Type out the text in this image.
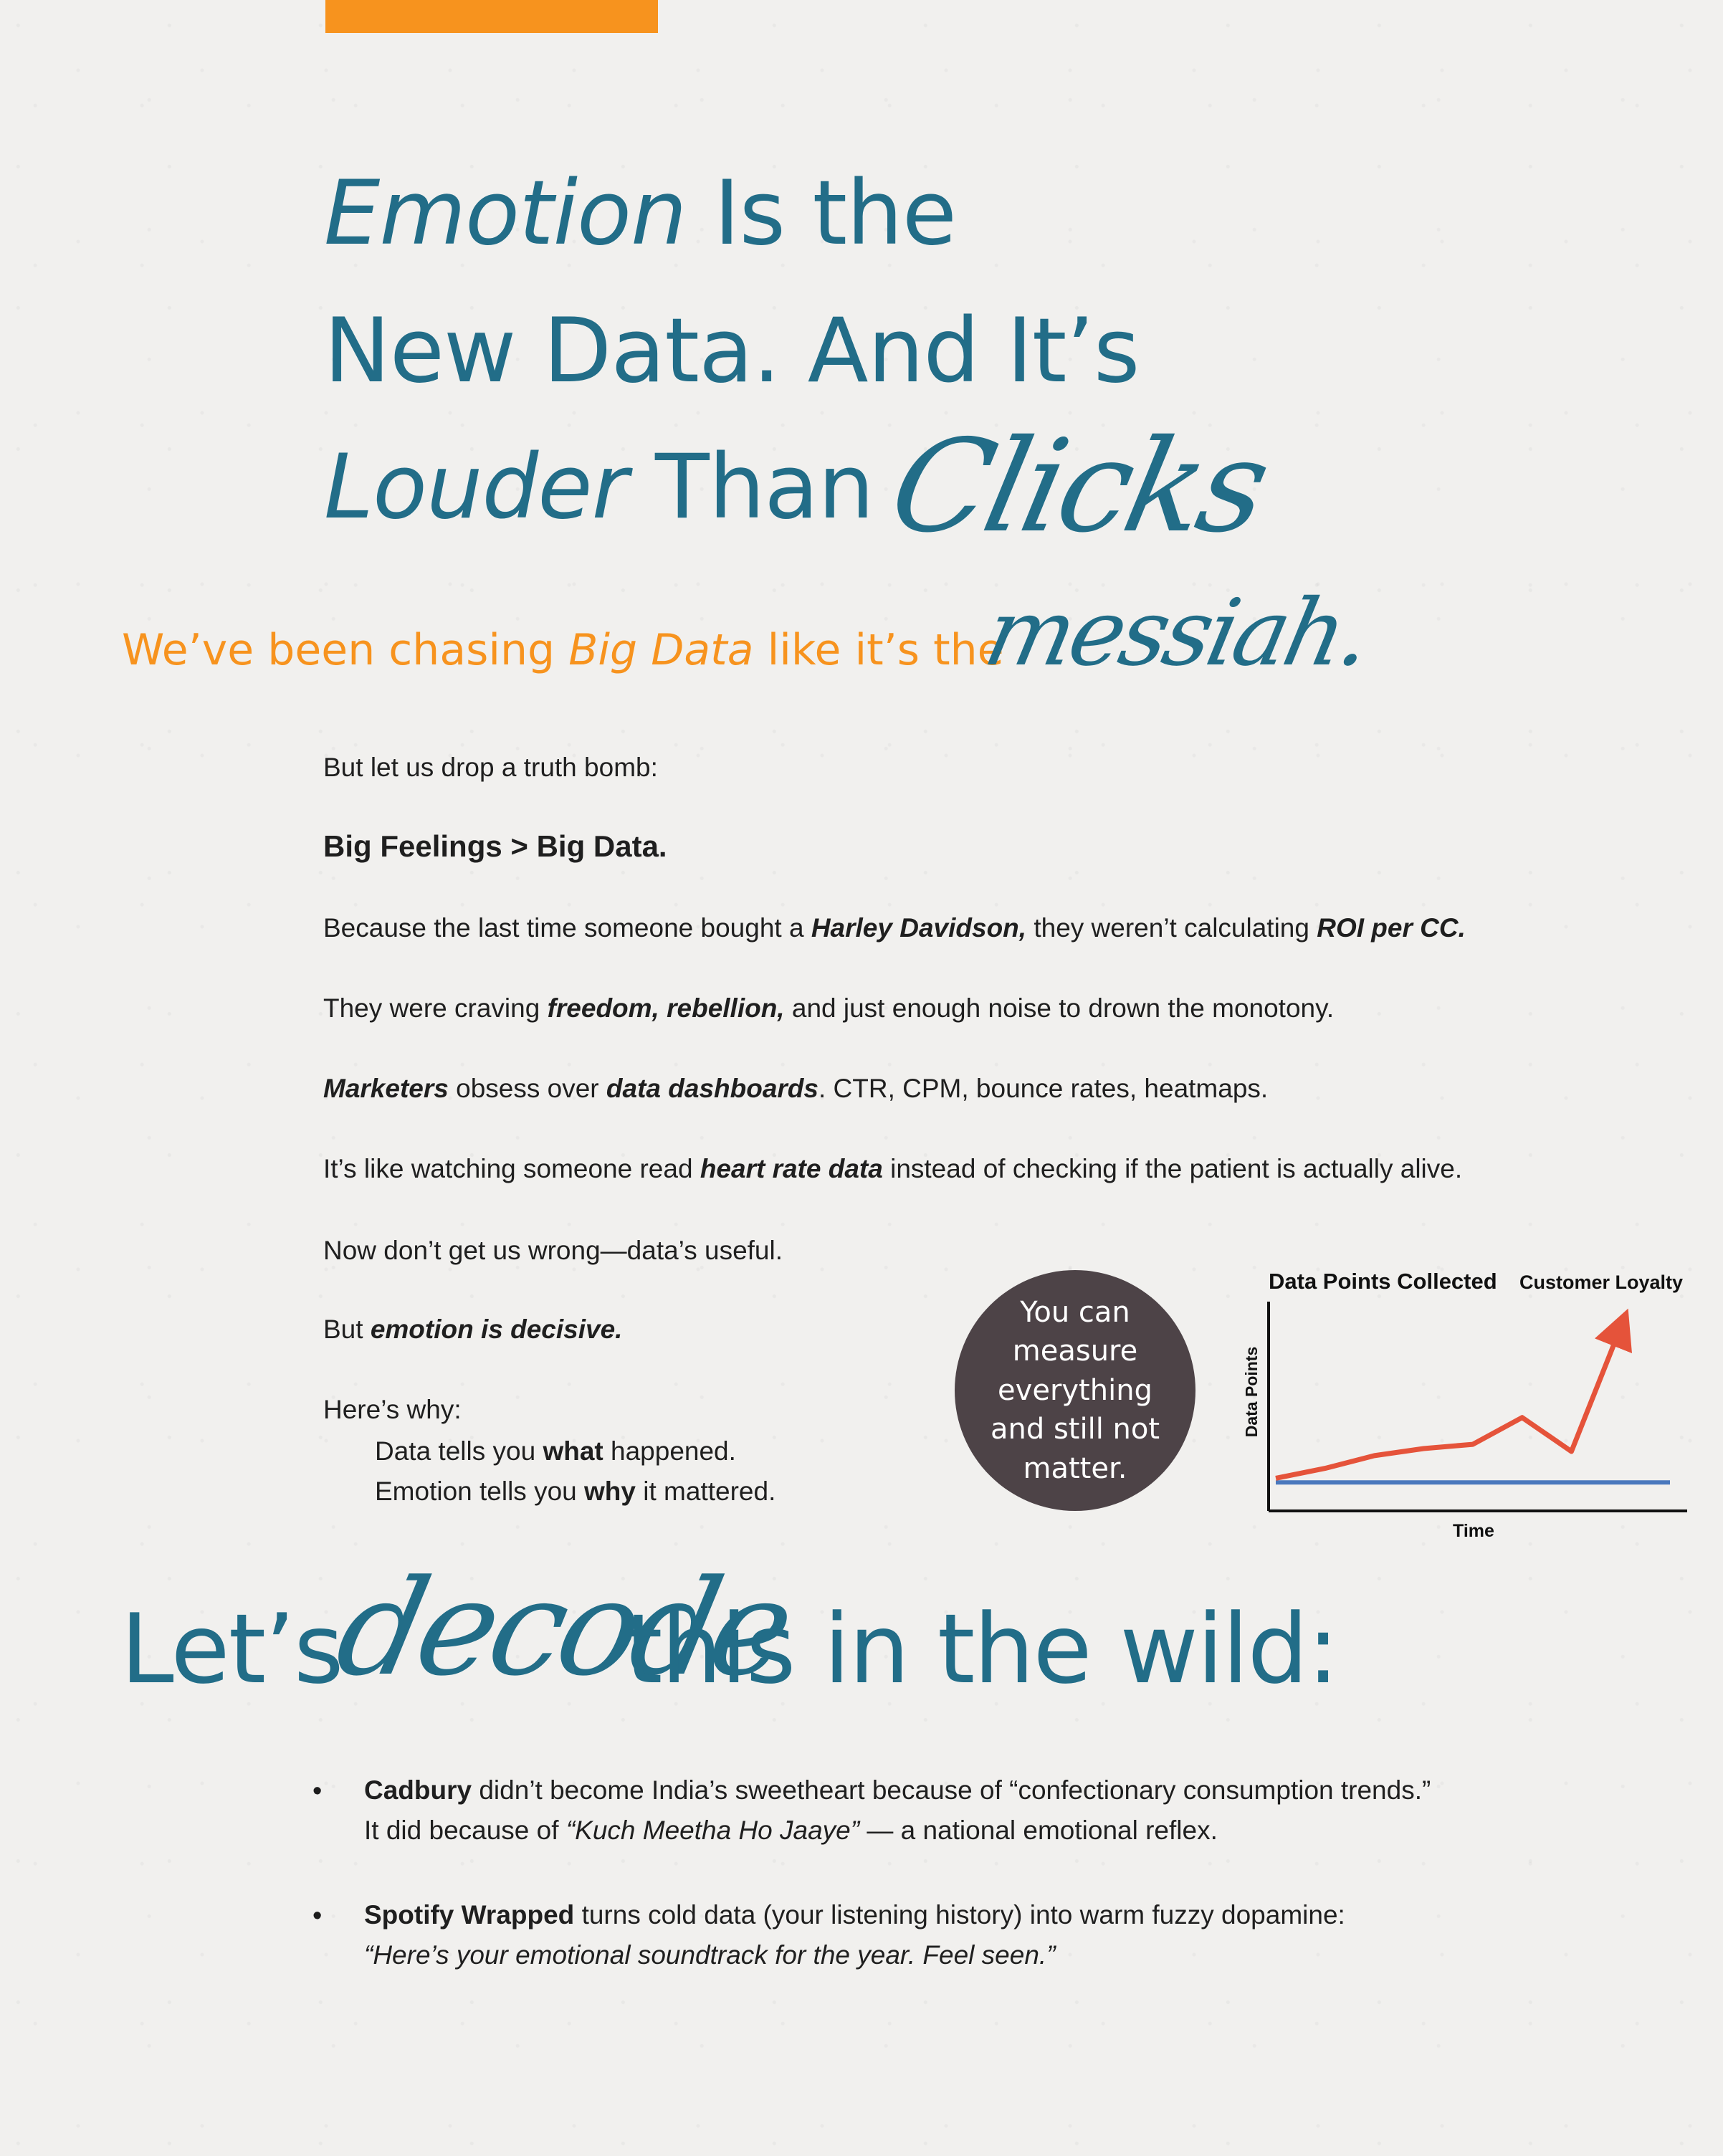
Emotion Is the
New Data. And It’s
Louder Than Clicks
We’ve been chasing Big Data like it’s the
messiah.
But let us drop a truth bomb:
Big Feelings > Big Data.
Because the last time someone bought a Harley Davidson, they weren’t calculating ROI per CC.
They were craving freedom, rebellion, and just enough noise to drown the monotony.
Marketers obsess over data dashboards. CTR, CPM, bounce rates, heatmaps.
It’s like watching someone read heart rate data instead of checking if the patient is actually alive.
Now don’t get us wrong—data’s useful.
But emotion is decisive.
Here’s why:
Data tells you what happened.
Emotion tells you why it mattered.
You can measure everything and still not matter.
Data Points Collected Customer Loyalty
Data Points
Time
Let’s
decode
this in the wild:
• Cadbury didn’t become India’s sweetheart because of “confectionary consumption trends.”
It did because of “Kuch Meetha Ho Jaaye” — a national emotional reflex.
• Spotify Wrapped turns cold data (your listening history) into warm fuzzy dopamine:
“Here’s your emotional soundtrack for the year. Feel seen.”
